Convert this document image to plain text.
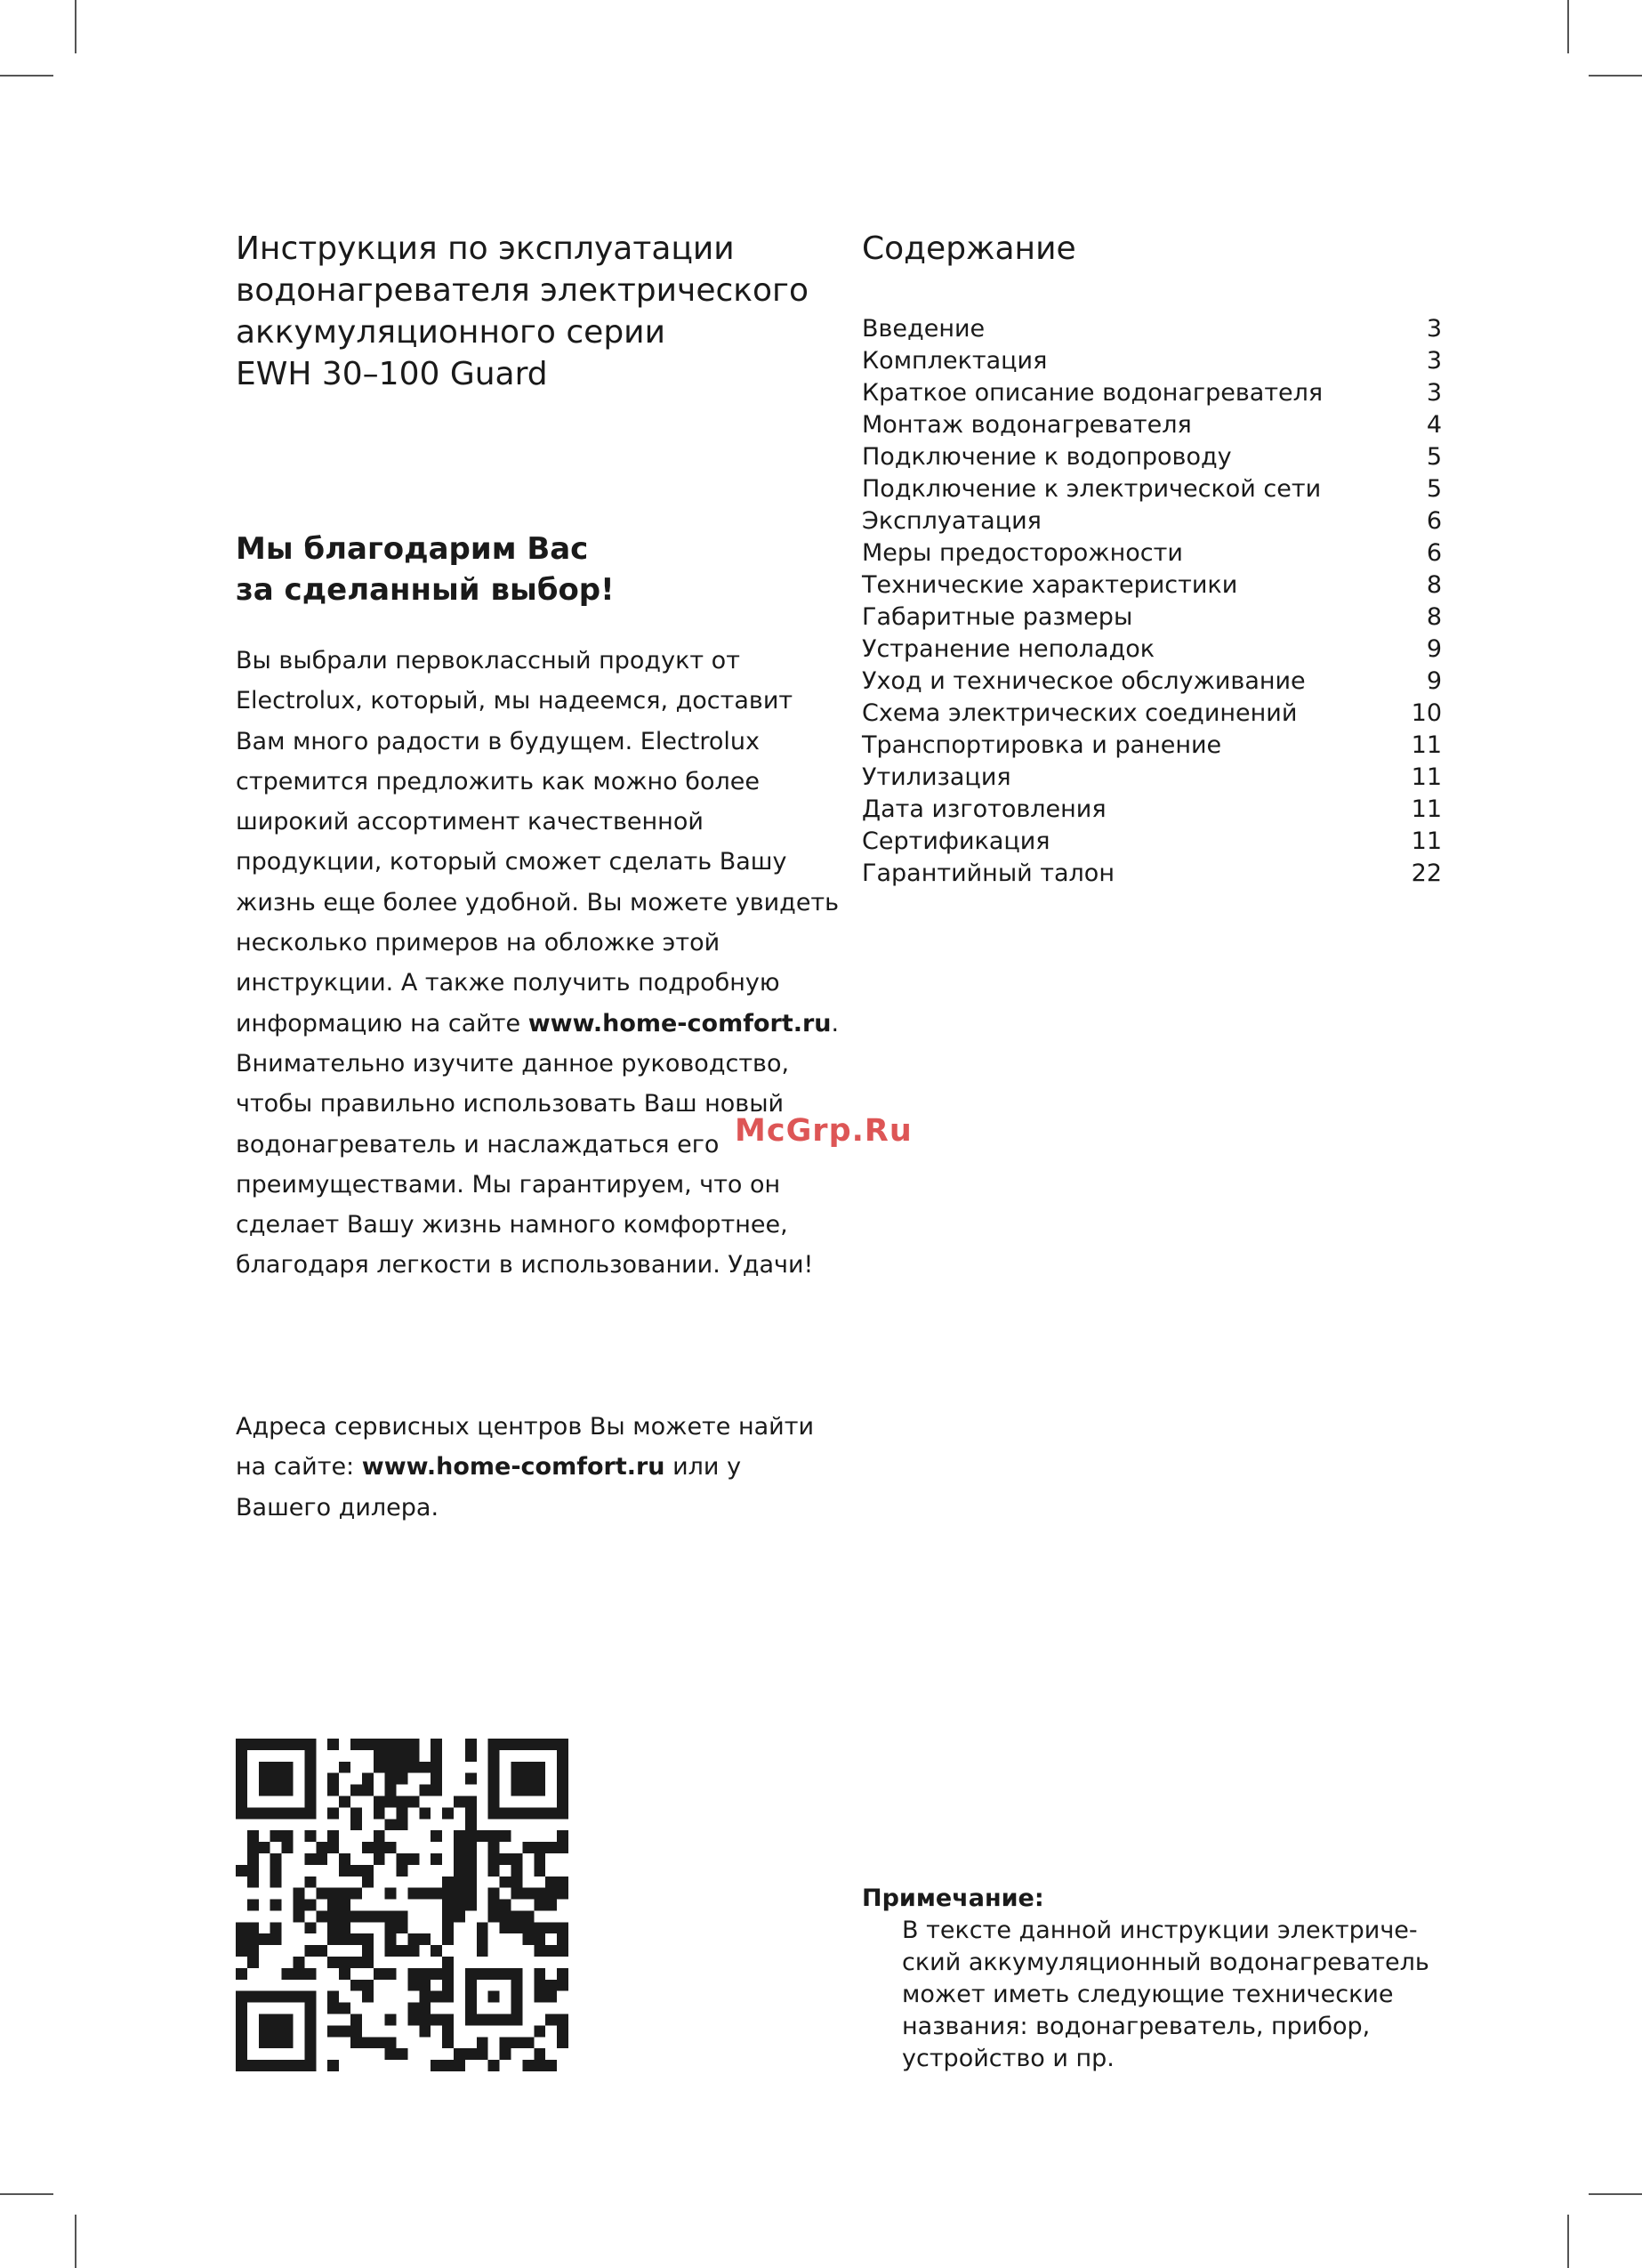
Инструкция по эксплуатации
водонагревателя электрического
аккумуляционного серии
EWH 30–100 Guard
Содержание
Введение	3
Комплектация	3
Краткое описание водонагревателя	3
Монтаж водонагревателя	4
Подключение к водопроводу	5
Подключение к электрической сети	5
Эксплуатация	6
Меры предосторожности	6
Технические характеристики	8
Габаритные размеры	8
Устранение неполадок	9
Уход и техническое обслуживание	9
Схема электрических соединений	10
Транспортировка и ранение	11
Утилизация	11
Дата изготовления	11
Сертификация	11
Гарантийный талон	22
Мы благодарим Вас
за сделанный выбор!

Вы выбрали первоклассный продукт от Electrolux, который, мы надеемся, доставит Вам много радости в будущем. Electrolux стремится предложить как можно более широкий ассортимент качественной продукции, который сможет сделать Вашу жизнь еще более удобной. Вы можете увидеть несколько примеров на обложке этой инструкции. А также получить подробную информацию на сайте www.home-comfort.ru. Внимательно изучите данное руководство, чтобы правильно использовать Ваш новый водонагреватель и наслаждаться его преимуществами. Мы гарантируем, что он сделает Вашу жизнь намного комфортнее, благодаря легкости в использовании. Удачи!

Адреса сервисных центров Вы можете найти на сайте: www.home-comfort.ru или у Вашего дилера.

McGrp.Ru
Примечание:

В тексте данной инструкции электриче-
ский аккумуляционный водонагреватель
может иметь следующие технические
названия: водонагреватель, прибор,
устройство и пр.
